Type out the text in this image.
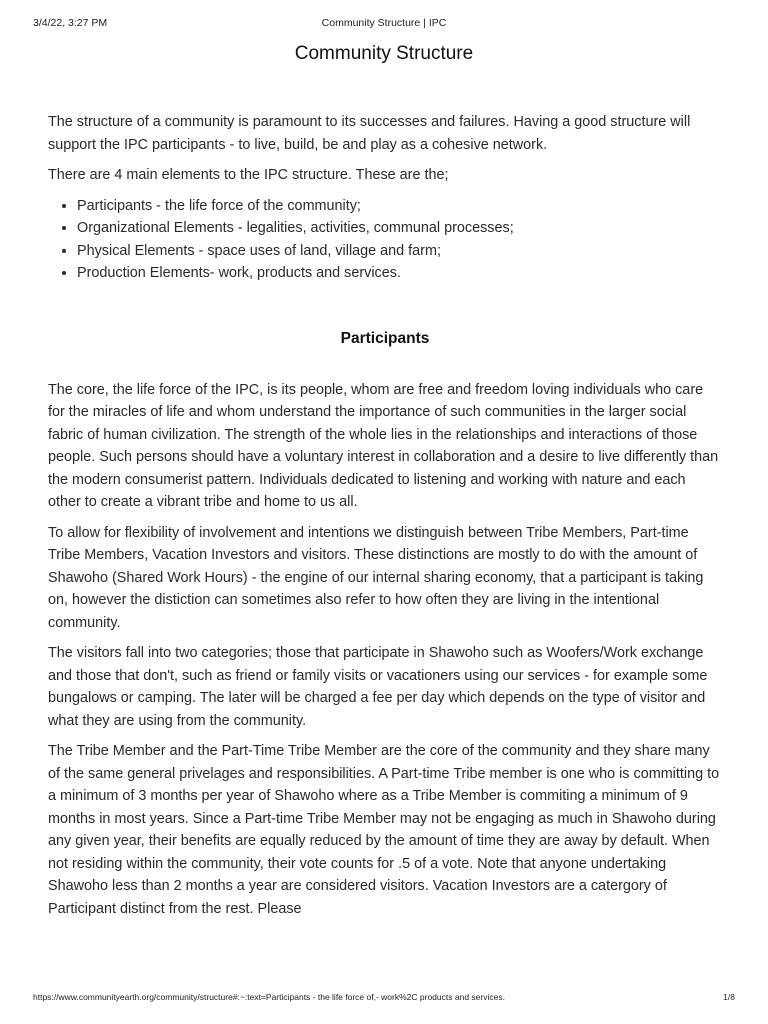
3/4/22, 3:27 PM	Community Structure | IPC
Community Structure

The structure of a community is paramount to its successes and failures. Having a good structure will support the IPC participants - to live, build, be and play as a cohesive network.

There are 4 main elements to the IPC structure. These are the;

• Participants - the life force of the community;
• Organizational Elements - legalities, activities, communal processes;
• Physical Elements - space uses of land, village and farm;
• Production Elements- work, products and services.
Participants

The core, the life force of the IPC, is its people, whom are free and freedom loving individuals who care for the miracles of life and whom understand the importance of such communities in the larger social fabric of human civilization. The strength of the whole lies in the relationships and interactions of those people. Such persons should have a voluntary interest in collaboration and a desire to live differently than the modern consumerist pattern. Individuals dedicated to listening and working with nature and each other to create a vibrant tribe and home to us all.

To allow for flexibility of involvement and intentions we distinguish between Tribe Members, Part-time Tribe Members, Vacation Investors and visitors. These distinctions are mostly to do with the amount of Shawoho (Shared Work Hours) - the engine of our internal sharing economy, that a participant is taking on, however the distiction can sometimes also refer to how often they are living in the intentional community.

The visitors fall into two categories; those that participate in Shawoho such as Woofers/Work exchange and those that don't, such as friend or family visits or vacationers using our services - for example some bungalows or camping. The later will be charged a fee per day which depends on the type of visitor and what they are using from the community.

The Tribe Member and the Part-Time Tribe Member are the core of the community and they share many of the same general privelages and responsibilities. A Part-time Tribe member is one who is committing to a minimum of 3 months per year of Shawoho where as a Tribe Member is commiting a minimum of 9 months in most years. Since a Part-time Tribe Member may not be engaging as much in Shawoho during any given year, their benefits are equally reduced by the amount of time they are away by default. When not residing within the community, their vote counts for .5 of a vote. Note that anyone undertaking Shawoho less than 2 months a year are considered visitors. Vacation Investors are a catergory of Participant distinct from the rest. Please

https://www.communityearth.org/community/structure#:~:text=Participants - the life force of,- work%2C products and services.	1/8
